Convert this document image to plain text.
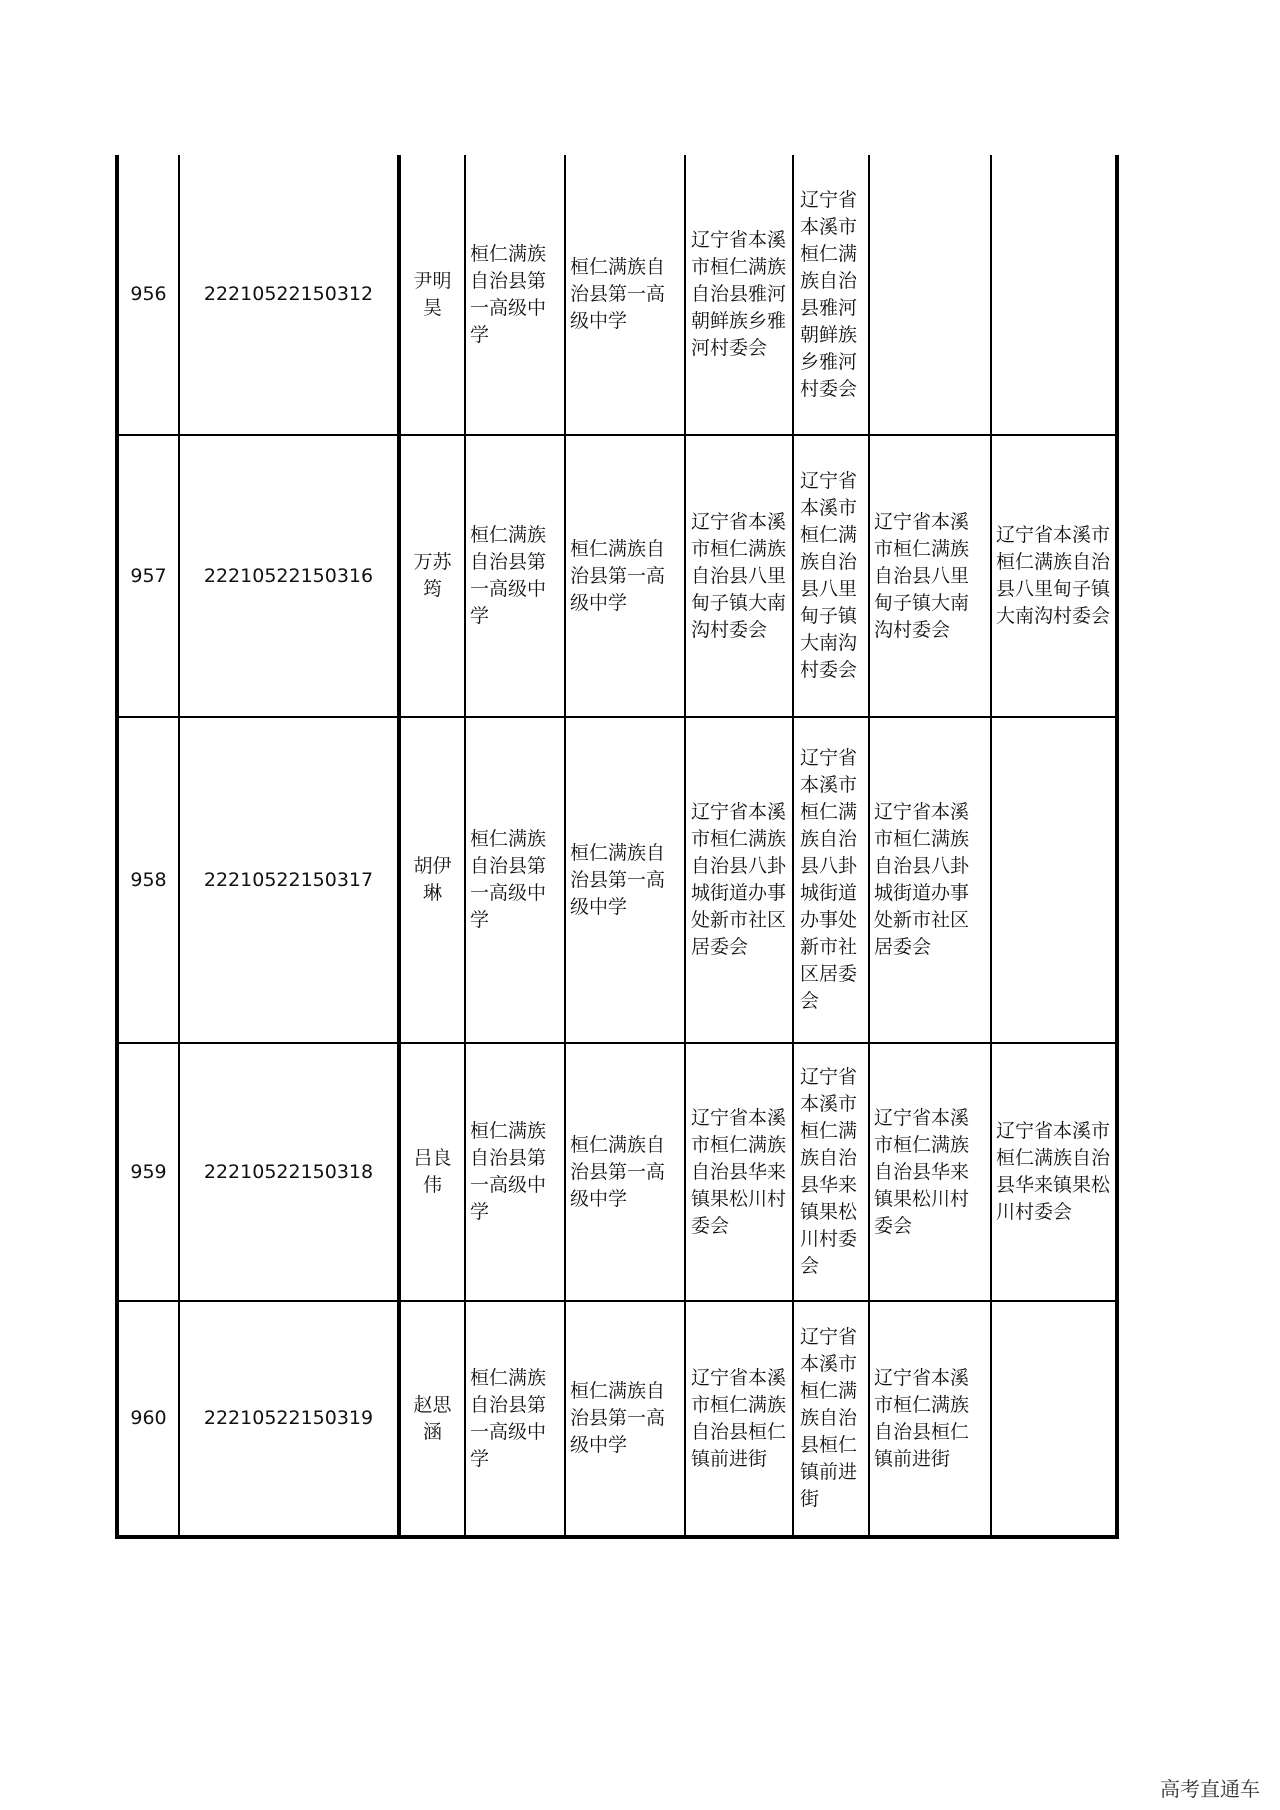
956	22210522150312	尹明昊	桓仁满族自治县第一高级中学	桓仁满族自治县第一高级中学	辽宁省本溪市桓仁满族自治县雅河朝鲜族乡雅河村委会	辽宁省本溪市桓仁满族自治县雅河朝鲜族乡雅河村委会		
957	22210522150316	万苏筠	桓仁满族自治县第一高级中学	桓仁满族自治县第一高级中学	辽宁省本溪市桓仁满族自治县八里甸子镇大南沟村委会	辽宁省本溪市桓仁满族自治县八里甸子镇大南沟村委会	辽宁省本溪市桓仁满族自治县八里甸子镇大南沟村委会	辽宁省本溪市桓仁满族自治县八里甸子镇大南沟村委会
958	22210522150317	胡伊琳	桓仁满族自治县第一高级中学	桓仁满族自治县第一高级中学	辽宁省本溪市桓仁满族自治县八卦城街道办事处新市社区居委会	辽宁省本溪市桓仁满族自治县八卦城街道办事处新市社区居委会	辽宁省本溪市桓仁满族自治县八卦城街道办事处新市社区居委会	
959	22210522150318	吕良伟	桓仁满族自治县第一高级中学	桓仁满族自治县第一高级中学	辽宁省本溪市桓仁满族自治县华来镇果松川村委会	辽宁省本溪市桓仁满族自治县华来镇果松川村委会	辽宁省本溪市桓仁满族自治县华来镇果松川村委会	辽宁省本溪市桓仁满族自治县华来镇果松川村委会
960	22210522150319	赵思涵	桓仁满族自治县第一高级中学	桓仁满族自治县第一高级中学	辽宁省本溪市桓仁满族自治县桓仁镇前进街	辽宁省本溪市桓仁满族自治县桓仁镇前进街	辽宁省本溪市桓仁满族自治县桓仁镇前进街	
高考直通车
